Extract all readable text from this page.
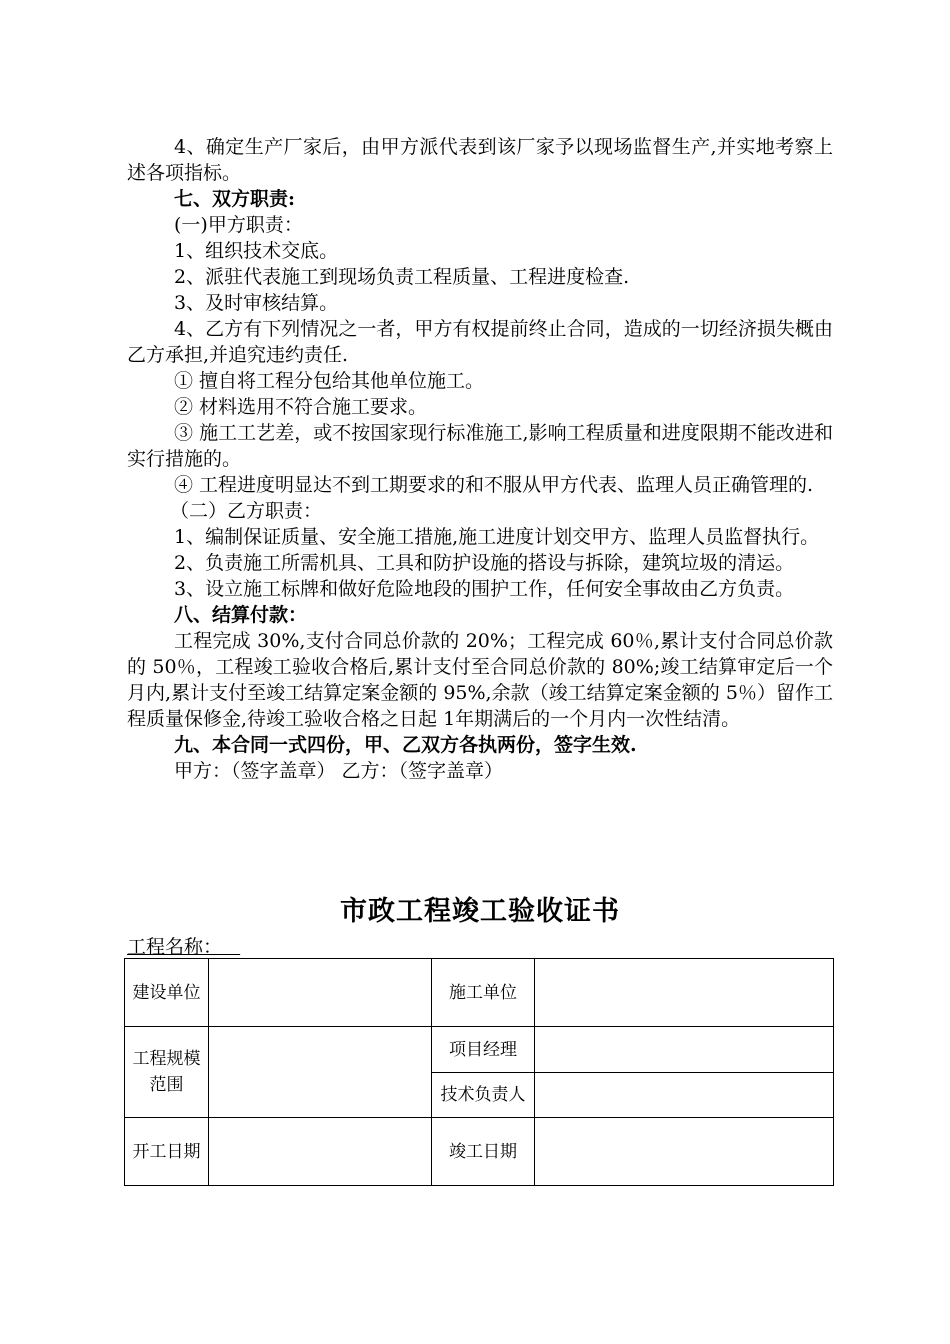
4、确定生产厂家后，由甲方派代表到该厂家予以现场监督生产,并实地考察上述各项指标。

七、双方职责:

(一)甲方职责：

1、组织技术交底。

2、派驻代表施工到现场负责工程质量、工程进度检查.

3、及时审核结算。

4、乙方有下列情况之一者，甲方有权提前终止合同，造成的一切经济损失概由乙方承担,并追究违约责任.

① 擅自将工程分包给其他单位施工。

② 材料选用不符合施工要求。

③ 施工工艺差，或不按国家现行标准施工,影响工程质量和进度限期不能改进和实行措施的。

④ 工程进度明显达不到工期要求的和不服从甲方代表、监理人员正确管理的.

（二）乙方职责：

1、编制保证质量、安全施工措施,施工进度计划交甲方、监理人员监督执行。

2、负责施工所需机具、工具和防护设施的搭设与拆除，建筑垃圾的清运。

3、设立施工标牌和做好危险地段的围护工作，任何安全事故由乙方负责。

八、结算付款：

工程完成 30%,支付合同总价款的 20%；工程完成 60％,累计支付合同总价款的 50％，工程竣工验收合格后,累计支付至合同总价款的 80%;竣工结算审定后一个月内,累计支付至竣工结算定案金额的 95%,余款（竣工结算定案金额的 5％）留作工程质量保修金,待竣工验收合格之日起 1年期满后的一个月内一次性结清。

九、本合同一式四份，甲、乙双方各执两份，签字生效.

甲方：（签字盖章） 乙方：（签字盖章）

市政工程竣工验收证书
工程名称：
建设单位		施工单位	
工程规模范围		项目经理	
		技术负责人	
开工日期		竣工日期	
